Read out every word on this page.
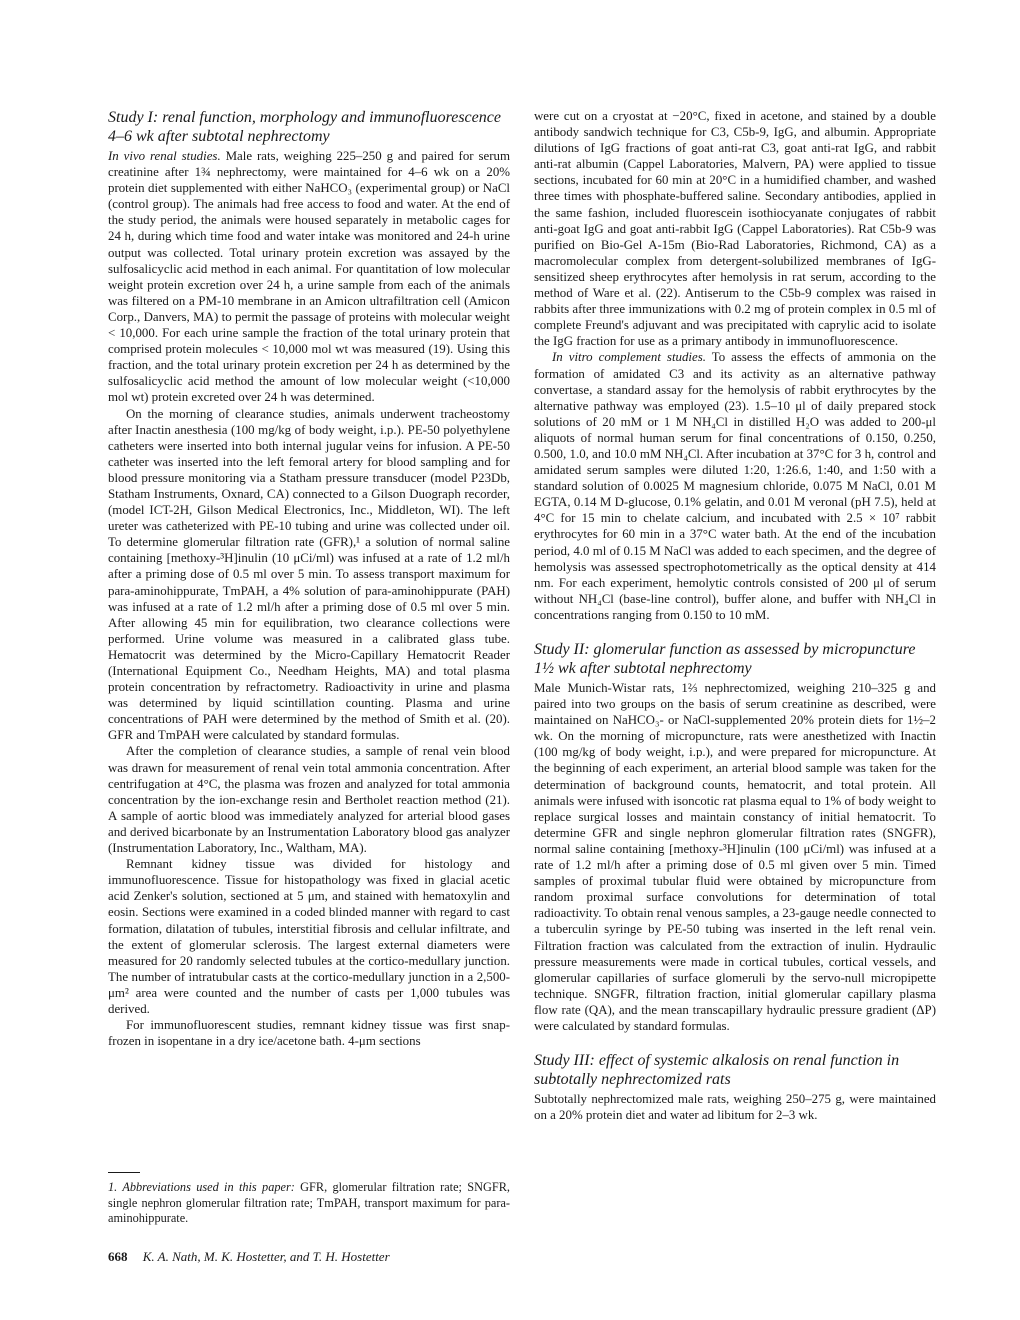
Study I: renal function, morphology and immunofluorescence 4–6 wk after subtotal nephrectomy

In vivo renal studies. Male rats, weighing 225–250 g and paired for serum creatinine after 1¾ nephrectomy, were maintained for 4–6 wk on a 20% protein diet supplemented with either NaHCO₃ (experimental group) or NaCl (control group). The animals had free access to food and water. At the end of the study period, the animals were housed separately in metabolic cages for 24 h, during which time food and water intake was monitored and 24-h urine output was collected. Total urinary protein excretion was assayed by the sulfosalicyclic acid method in each animal. For quantitation of low molecular weight protein excretion over 24 h, a urine sample from each of the animals was filtered on a PM-10 membrane in an Amicon ultrafiltration cell (Amicon Corp., Danvers, MA) to permit the passage of proteins with molecular weight < 10,000. For each urine sample the fraction of the total urinary protein that comprised protein molecules < 10,000 mol wt was measured (19). Using this fraction, and the total urinary protein excretion per 24 h as determined by the sulfosalicyclic acid method the amount of low molecular weight (<10,000 mol wt) protein excreted over 24 h was determined.

On the morning of clearance studies, animals underwent tracheostomy after Inactin anesthesia (100 mg/kg of body weight, i.p.). PE-50 polyethylene catheters were inserted into both internal jugular veins for infusion. A PE-50 catheter was inserted into the left femoral artery for blood sampling and for blood pressure monitoring via a Statham pressure transducer (model P23Db, Statham Instruments, Oxnard, CA) connected to a Gilson Duograph recorder, (model ICT-2H, Gilson Medical Electronics, Inc., Middleton, WI). The left ureter was catheterized with PE-10 tubing and urine was collected under oil. To determine glomerular filtration rate (GFR),¹ a solution of normal saline containing [methoxy-³H]inulin (10 μCi/ml) was infused at a rate of 1.2 ml/h after a priming dose of 0.5 ml over 5 min. To assess transport maximum for para-aminohippurate, TmPAH, a 4% solution of para-aminohippurate (PAH) was infused at a rate of 1.2 ml/h after a priming dose of 0.5 ml over 5 min. After allowing 45 min for equilibration, two clearance collections were performed. Urine volume was measured in a calibrated glass tube. Hematocrit was determined by the Micro-Capillary Hematocrit Reader (International Equipment Co., Needham Heights, MA) and total plasma protein concentration by refractometry. Radioactivity in urine and plasma was determined by liquid scintillation counting. Plasma and urine concentrations of PAH were determined by the method of Smith et al. (20). GFR and TmPAH were calculated by standard formulas.

After the completion of clearance studies, a sample of renal vein blood was drawn for measurement of renal vein total ammonia concentration. After centrifugation at 4°C, the plasma was frozen and analyzed for total ammonia concentration by the ion-exchange resin and Bertholet reaction method (21). A sample of aortic blood was immediately analyzed for arterial blood gases and derived bicarbonate by an Instrumentation Laboratory blood gas analyzer (Instrumentation Laboratory, Inc., Waltham, MA).

Remnant kidney tissue was divided for histology and immunofluorescence. Tissue for histopathology was fixed in glacial acetic acid Zenker's solution, sectioned at 5 μm, and stained with hematoxylin and eosin. Sections were examined in a coded blinded manner with regard to cast formation, dilatation of tubules, interstitial fibrosis and cellular infiltrate, and the extent of glomerular sclerosis. The largest external diameters were measured for 20 randomly selected tubules at the cortico-medullary junction. The number of intratubular casts at the cortico-medullary junction in a 2,500-μm² area were counted and the number of casts per 1,000 tubules was derived.

For immunofluorescent studies, remnant kidney tissue was first snap-frozen in isopentane in a dry ice/acetone bath. 4-μm sections

1. Abbreviations used in this paper: GFR, glomerular filtration rate; SNGFR, single nephron glomerular filtration rate; TmPAH, transport maximum for para-aminohippurate.

were cut on a cryostat at −20°C, fixed in acetone, and stained by a double antibody sandwich technique for C3, C5b-9, IgG, and albumin. Appropriate dilutions of IgG fractions of goat anti-rat C3, goat anti-rat IgG, and rabbit anti-rat albumin (Cappel Laboratories, Malvern, PA) were applied to tissue sections, incubated for 60 min at 20°C in a humidified chamber, and washed three times with phosphate-buffered saline. Secondary antibodies, applied in the same fashion, included fluorescein isothiocyanate conjugates of rabbit anti-goat IgG and goat anti-rabbit IgG (Cappel Laboratories). Rat C5b-9 was purified on Bio-Gel A-15m (Bio-Rad Laboratories, Richmond, CA) as a macromolecular complex from detergent-solubilized membranes of IgG-sensitized sheep erythrocytes after hemolysis in rat serum, according to the method of Ware et al. (22). Antiserum to the C5b-9 complex was raised in rabbits after three immunizations with 0.2 mg of protein complex in 0.5 ml of complete Freund's adjuvant and was precipitated with caprylic acid to isolate the IgG fraction for use as a primary antibody in immunofluorescence.

In vitro complement studies. To assess the effects of ammonia on the formation of amidated C3 and its activity as an alternative pathway convertase, a standard assay for the hemolysis of rabbit erythrocytes by the alternative pathway was employed (23). 1.5–10 μl of daily prepared stock solutions of 20 mM or 1 M NH₄Cl in distilled H₂O was added to 200-μl aliquots of normal human serum for final concentrations of 0.150, 0.250, 0.500, 1.0, and 10.0 mM NH₄Cl. After incubation at 37°C for 3 h, control and amidated serum samples were diluted 1:20, 1:26.6, 1:40, and 1:50 with a standard solution of 0.0025 M magnesium chloride, 0.075 M NaCl, 0.01 M EGTA, 0.14 M D-glucose, 0.1% gelatin, and 0.01 M veronal (pH 7.5), held at 4°C for 15 min to chelate calcium, and incubated with 2.5 × 10⁷ rabbit erythrocytes for 60 min in a 37°C water bath. At the end of the incubation period, 4.0 ml of 0.15 M NaCl was added to each specimen, and the degree of hemolysis was assessed spectrophotometrically as the optical density at 414 nm. For each experiment, hemolytic controls consisted of 200 μl of serum without NH₄Cl (base-line control), buffer alone, and buffer with NH₄Cl in concentrations ranging from 0.150 to 10 mM.

Study II: glomerular function as assessed by micropuncture 1½ wk after subtotal nephrectomy

Male Munich-Wistar rats, 1⅔ nephrectomized, weighing 210–325 g and paired into two groups on the basis of serum creatinine as described, were maintained on NaHCO₃- or NaCl-supplemented 20% protein diets for 1½–2 wk. On the morning of micropuncture, rats were anesthetized with Inactin (100 mg/kg of body weight, i.p.), and were prepared for micropuncture. At the beginning of each experiment, an arterial blood sample was taken for the determination of background counts, hematocrit, and total protein. All animals were infused with isoncotic rat plasma equal to 1% of body weight to replace surgical losses and maintain constancy of initial hematocrit. To determine GFR and single nephron glomerular filtration rates (SNGFR), normal saline containing [methoxy-³H]inulin (100 μCi/ml) was infused at a rate of 1.2 ml/h after a priming dose of 0.5 ml given over 5 min. Timed samples of proximal tubular fluid were obtained by micropuncture from random proximal surface convolutions for determination of total radioactivity. To obtain renal venous samples, a 23-gauge needle connected to a tuberculin syringe by PE-50 tubing was inserted in the left renal vein. Filtration fraction was calculated from the extraction of inulin. Hydraulic pressure measurements were made in cortical tubules, cortical vessels, and glomerular capillaries of surface glomeruli by the servo-null micropipette technique. SNGFR, filtration fraction, initial glomerular capillary plasma flow rate (QA), and the mean transcapillary hydraulic pressure gradient (ΔP) were calculated by standard formulas.

Study III: effect of systemic alkalosis on renal function in subtotally nephrectomized rats

Subtotally nephrectomized male rats, weighing 250–275 g, were maintained on a 20% protein diet and water ad libitum for 2–3 wk.

668 K. A. Nath, M. K. Hostetter, and T. H. Hostetter
